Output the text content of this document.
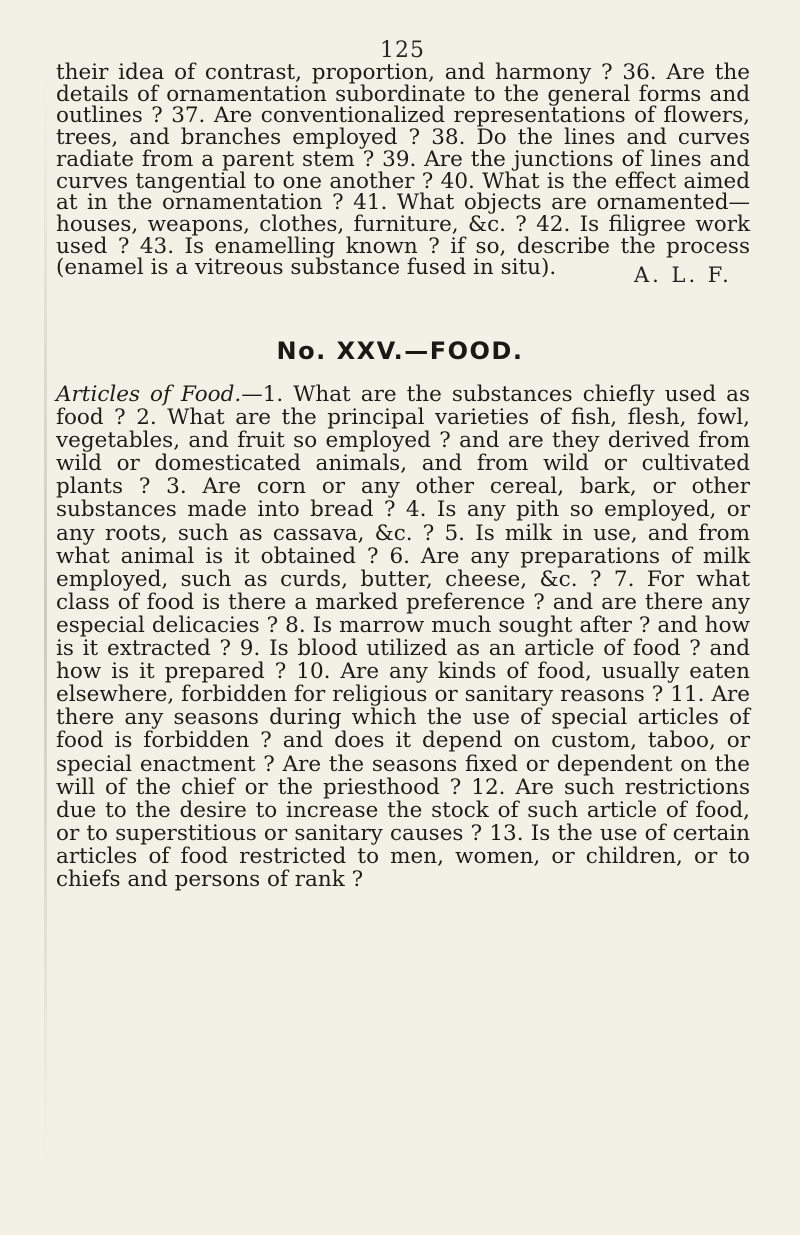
125

their idea of contrast, proportion, and harmony ? 36. Are the details of ornamentation subordinate to the general forms and outlines ? 37. Are conventionalized representations of flowers, trees, and branches employed ? 38. Do the lines and curves radiate from a parent stem ? 39. Are the junctions of lines and curves tangential to one another ? 40. What is the effect aimed at in the ornamentation ? 41. What objects are ornamented—houses, weapons, clothes, furniture, &c. ? 42. Is filigree work used ? 43. Is enamelling known ? if so, describe the process (enamel is a vitreous substance fused in situ).	A. L. F.
No. XXV.—FOOD.

Articles of Food.—1. What are the substances chiefly used as food ? 2. What are the principal varieties of fish, flesh, fowl, vegetables, and fruit so employed ? and are they derived from wild or domesticated animals, and from wild or cultivated plants ? 3. Are corn or any other cereal, bark, or other substances made into bread ? 4. Is any pith so employed, or any roots, such as cassava, &c. ? 5. Is milk in use, and from what animal is it obtained ? 6. Are any preparations of milk employed, such as curds, butter, cheese, &c. ? 7. For what class of food is there a marked preference ? and are there any especial delicacies ? 8. Is marrow much sought after ? and how is it extracted ? 9. Is blood utilized as an article of food ? and how is it prepared ? 10. Are any kinds of food, usually eaten elsewhere, forbidden for religious or sanitary reasons ? 11. Are there any seasons during which the use of special articles of food is forbidden ? and does it depend on custom, taboo, or special enactment ? Are the seasons fixed or dependent on the will of the chief or the priesthood ? 12. Are such restrictions due to the desire to increase the stock of such article of food, or to superstitious or sanitary causes ? 13. Is the use of certain articles of food restricted to men, women, or children, or to chiefs and persons of rank ?
